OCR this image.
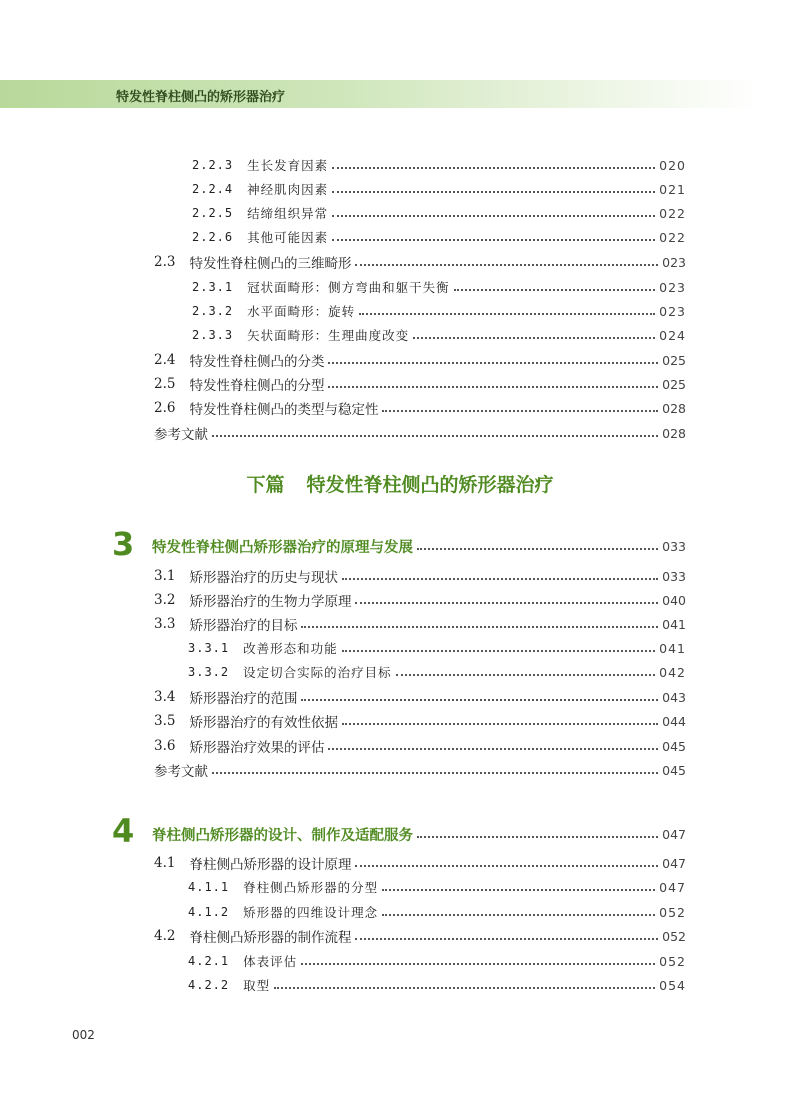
特发性脊柱侧凸的矫形器治疗
2.2.3 生长发育因素	020
2.2.4 神经肌肉因素	021
2.2.5 结缔组织异常	022
2.2.6 其他可能因素	022
2.3 特发性脊柱侧凸的三维畸形	023
2.3.1 冠状面畸形：侧方弯曲和躯干失衡	023
2.3.2 水平面畸形：旋转	023
2.3.3 矢状面畸形：生理曲度改变	024
2.4 特发性脊柱侧凸的分类	025
2.5 特发性脊柱侧凸的分型	025
2.6 特发性脊柱侧凸的类型与稳定性	028
参考文献	028
下篇 特发性脊柱侧凸的矫形器治疗
3 特发性脊柱侧凸矫形器治疗的原理与发展	033
3.1 矫形器治疗的历史与现状	033
3.2 矫形器治疗的生物力学原理	040
3.3 矫形器治疗的目标	041
3.3.1 改善形态和功能	041
3.3.2 设定切合实际的治疗目标	042
3.4 矫形器治疗的范围	043
3.5 矫形器治疗的有效性依据	044
3.6 矫形器治疗效果的评估	045
参考文献	045
4 脊柱侧凸矫形器的设计、制作及适配服务	047
4.1 脊柱侧凸矫形器的设计原理	047
4.1.1 脊柱侧凸矫形器的分型	047
4.1.2 矫形器的四维设计理念	052
4.2 脊柱侧凸矫形器的制作流程	052
4.2.1 体表评估	052
4.2.2 取型	054
002
